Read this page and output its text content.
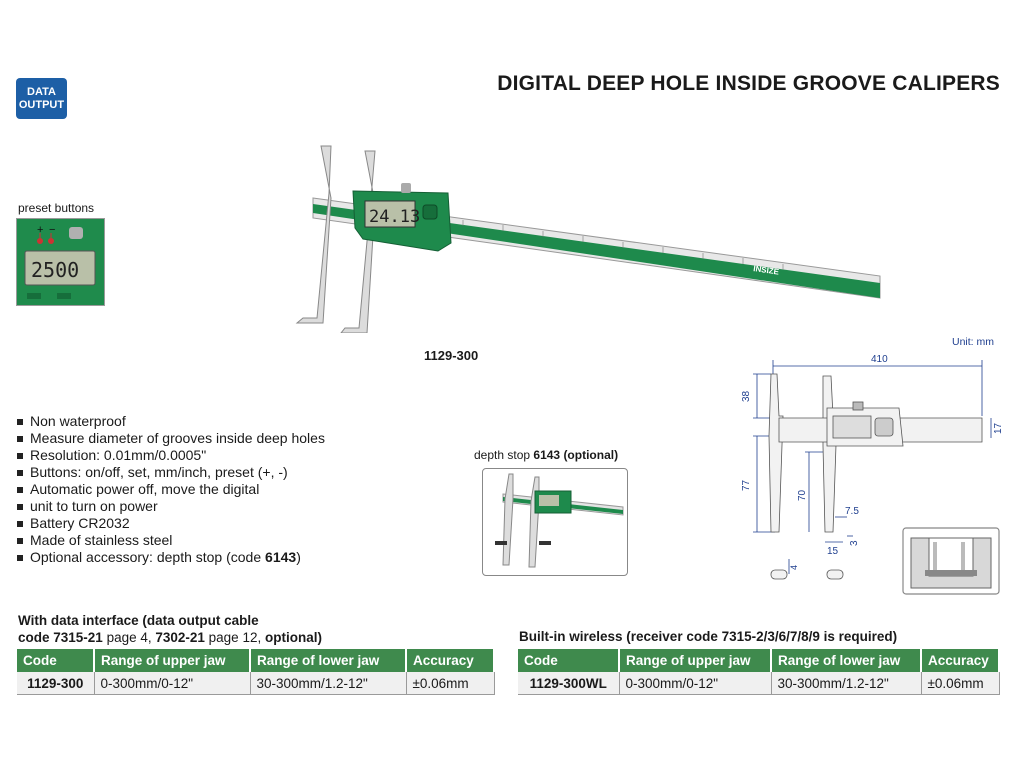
DATA
OUTPUT
DIGITAL DEEP HOLE INSIDE GROOVE CALIPERS
preset buttons
+ −
2500	INSIZE
24.13
1129-300
Non waterproof
Measure diameter of grooves inside deep holes
Resolution: 0.01mm/0.0005"
Buttons: on/off, set, mm/inch, preset (+, -)
Automatic power off, move the digital
unit to turn on power
Battery CR2032
Made of stainless steel
Optional accessory: depth stop (code 6143)
depth stop 6143 (optional)
Unit: mm
410
38
77
70
7.5
3
15
17
4
With data interface (data output cable
code 7315-21 page 4, 7302-21 page 12, optional)
Code	Range of upper jaw	Range of lower jaw	Accuracy
1129-300	0-300mm/0-12"	30-300mm/1.2-12"	±0.06mm
Built-in wireless (receiver code 7315-2/3/6/7/8/9 is required)
Code	Range of upper jaw	Range of lower jaw	Accuracy
1129-300WL	0-300mm/0-12"	30-300mm/1.2-12"	±0.06mm
